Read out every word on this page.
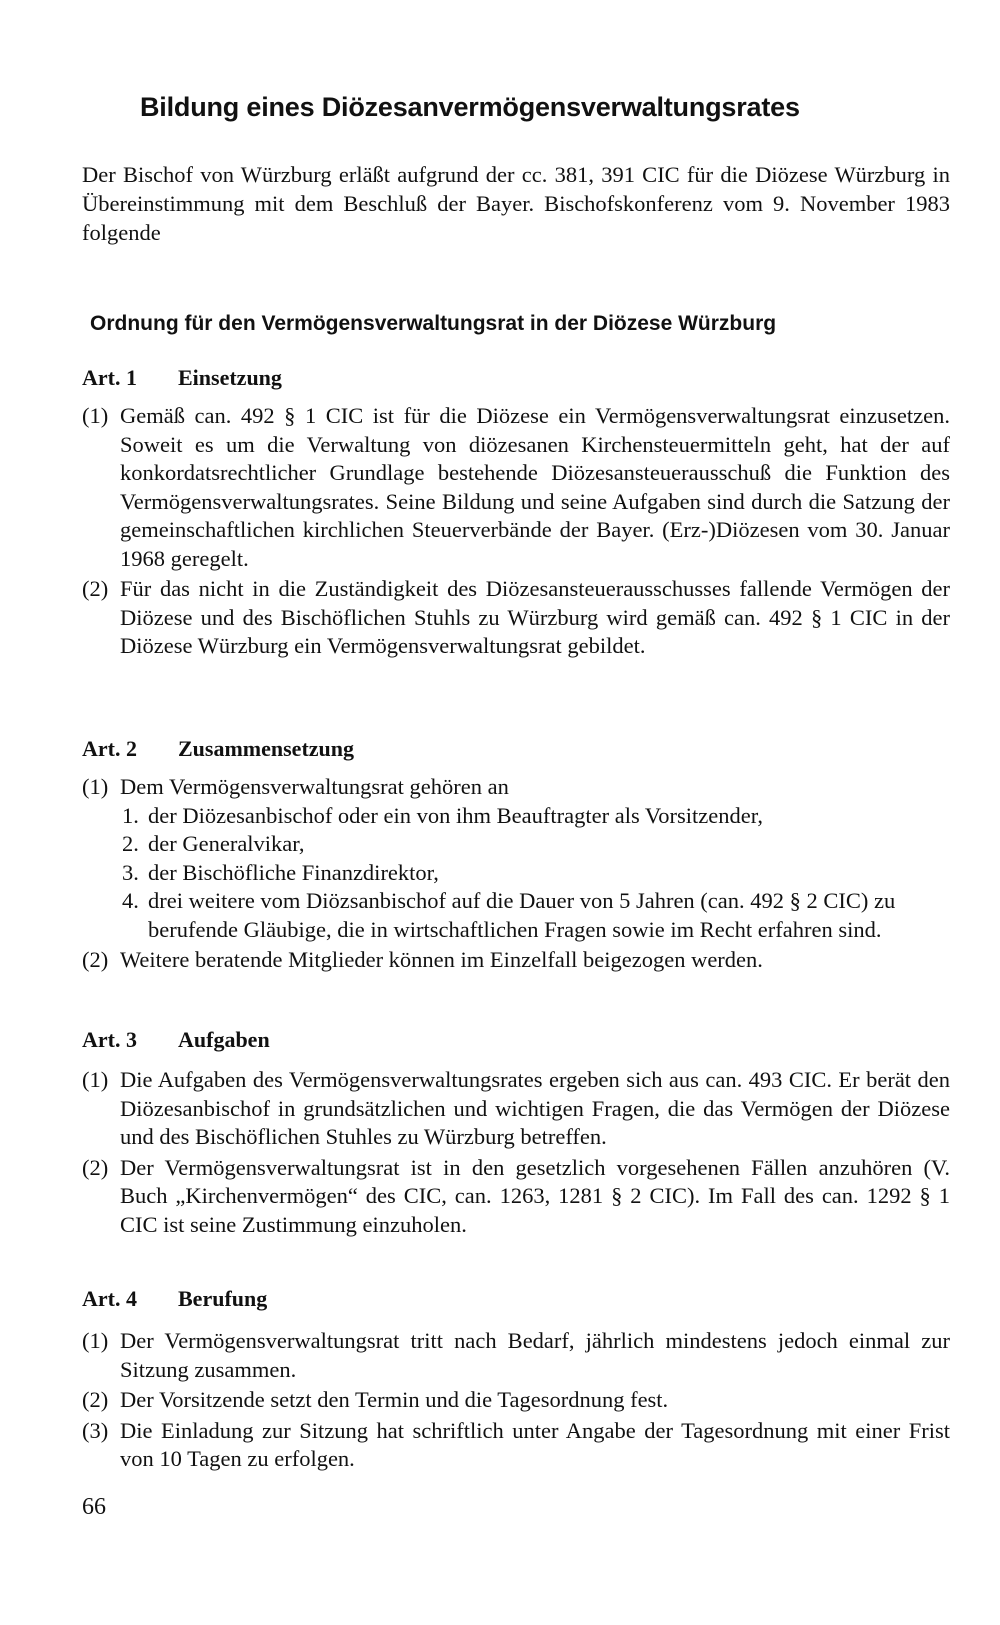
Bildung eines Diözesanvermögensverwaltungsrates
Der Bischof von Würzburg erläßt aufgrund der cc. 381, 391 CIC für die Diözese Würzburg in Übereinstimmung mit dem Beschluß der Bayer. Bischofskonferenz vom 9. November 1983 folgende
Ordnung für den Vermögensverwaltungsrat in der Diözese Würzburg
Art. 1 Einsetzung
(1) Gemäß can. 492 § 1 CIC ist für die Diözese ein Vermögensverwaltungsrat einzusetzen. Soweit es um die Verwaltung von diözesanen Kirchensteuermitteln geht, hat der auf konkordatsrechtlicher Grundlage bestehende Diözesansteuerausschuß die Funktion des Vermögensverwaltungsrates. Seine Bildung und seine Aufgaben sind durch die Satzung der gemeinschaftlichen kirchlichen Steuerverbände der Bayer. (Erz-)Diözesen vom 30. Januar 1968 geregelt.
(2) Für das nicht in die Zuständigkeit des Diözesansteuerausschusses fallende Vermögen der Diözese und des Bischöflichen Stuhls zu Würzburg wird gemäß can. 492 § 1 CIC in der Diözese Würzburg ein Vermögensverwaltungsrat gebildet.
Art. 2 Zusammensetzung
(1) Dem Vermögensverwaltungsrat gehören an
1. der Diözesanbischof oder ein von ihm Beauftragter als Vorsitzender,
2. der Generalvikar,
3. der Bischöfliche Finanzdirektor,
4. drei weitere vom Diözsanbischof auf die Dauer von 5 Jahren (can. 492 § 2 CIC) zu berufende Gläubige, die in wirtschaftlichen Fragen sowie im Recht erfahren sind.
(2) Weitere beratende Mitglieder können im Einzelfall beigezogen werden.
Art. 3 Aufgaben
(1) Die Aufgaben des Vermögensverwaltungsrates ergeben sich aus can. 493 CIC. Er berät den Diözesanbischof in grundsätzlichen und wichtigen Fragen, die das Vermögen der Diözese und des Bischöflichen Stuhles zu Würzburg betreffen.
(2) Der Vermögensverwaltungsrat ist in den gesetzlich vorgesehenen Fällen anzuhören (V. Buch „Kirchenvermögen“ des CIC, can. 1263, 1281 § 2 CIC). Im Fall des can. 1292 § 1 CIC ist seine Zustimmung einzuholen.
Art. 4 Berufung
(1) Der Vermögensverwaltungsrat tritt nach Bedarf, jährlich mindestens jedoch einmal zur Sitzung zusammen.
(2) Der Vorsitzende setzt den Termin und die Tagesordnung fest.
(3) Die Einladung zur Sitzung hat schriftlich unter Angabe der Tagesordnung mit einer Frist von 10 Tagen zu erfolgen.
66
